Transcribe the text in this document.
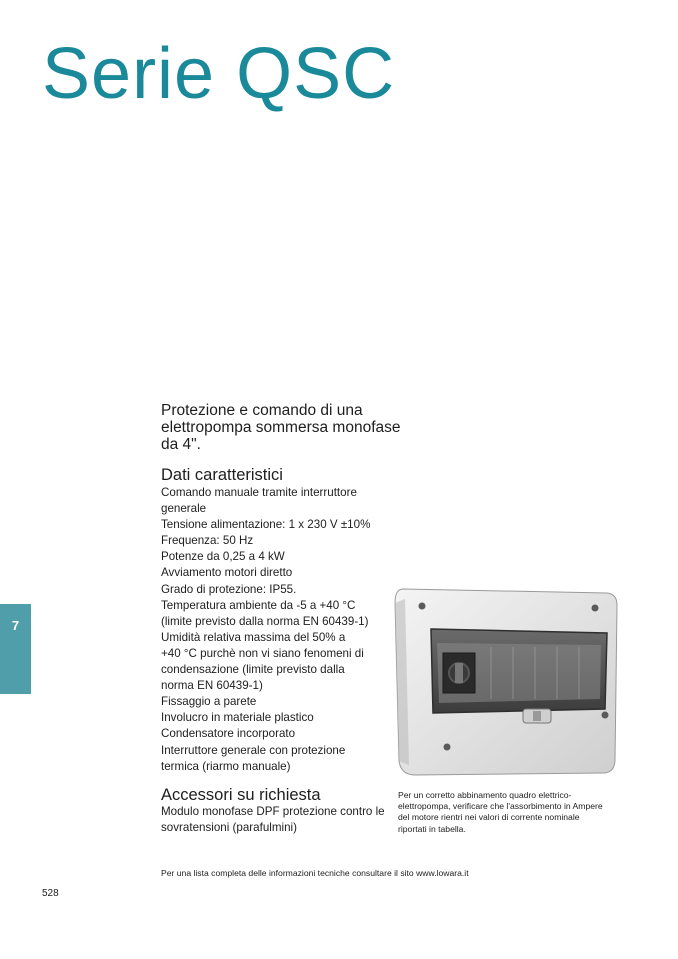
Serie QSC

Protezione e comando di una elettropompa sommersa monofase da 4".

Dati caratteristici
Comando manuale tramite interruttore
generale
Tensione alimentazione: 1 x 230 V ±10%
Frequenza: 50 Hz
Potenze da 0,25 a 4 kW
Avviamento motori diretto
Grado di protezione: IP55.
Temperatura ambiente da -5 a +40 °C
(limite previsto dalla norma EN 60439-1)
Umidità relativa massima del 50% a
+40 °C purchè non vi siano fenomeni di
condensazione (limite previsto dalla
norma EN 60439-1)
Fissaggio a parete
Involucro in materiale plastico
Condensatore incorporato
Interruttore generale con protezione
termica (riarmo manuale)
Accessori su richiesta

Modulo monofase DPF protezione contro le sovratensioni (parafulmini)

Per un corretto abbinamento quadro elettrico-elettropompa, verificare che l'assorbimento in Ampere del motore rientri nei valori di corrente nominale riportati in tabella.

Per una lista completa delle informazioni tecniche consultare il sito www.lowara.it

528
7
